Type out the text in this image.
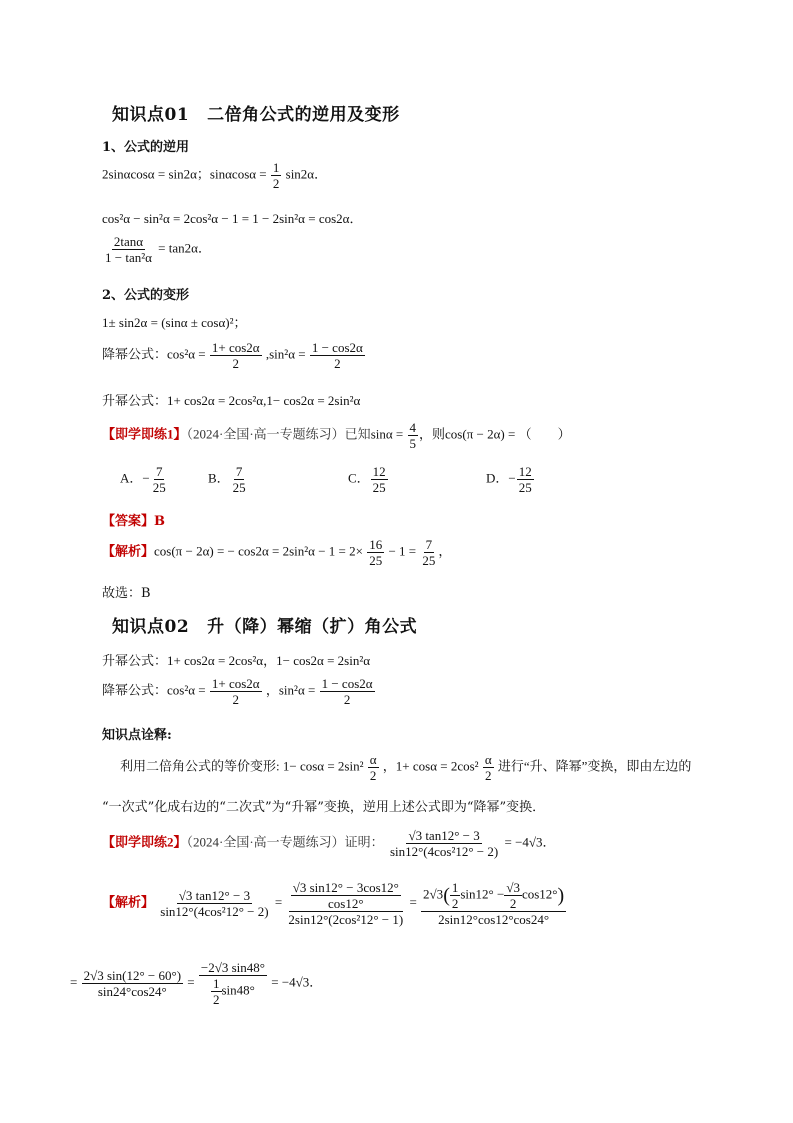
知识点01 二倍角公式的逆用及变形
1、公式的逆用
2sinαcosα = sin2α；$\sin\alpha\cos\alpha = \frac{1}{2} \sin 2\alpha$．
cos²α − sin²α = 2cos²α − 1 = 1 − 2sin²α = cos2α．
$\frac{2\tan\alpha}{\text{1 − tan²α}} = \tan 2\alpha$．
2、公式的变形
1± sin2α = (sinα ± cosα)²；
降幂公式：$\cos^2\alpha = \frac{1+ \cos 2\alpha}{2} ,\sin^2\alpha = \frac{1 - \cos 2\alpha}{2}$
升幂公式：1+ cos2α = 2cos²α,1− cos2α = 2sin²α
【即学即练1】（2024·全国·高一专题练习）已知$\sin\alpha = \frac{4}{5}$ ，则cos(π − 2α) = （　　）
A．− $\frac{7}{25}$	B． $\frac{7}{25}$	C． $\frac{12}{25}$	D．− $\frac{12}{25}$
【答案】B
【解析】cos(π − 2α) = − $\cos 2\alpha = 2\sin^2\alpha - 1 = 2\times \frac{16}{25} - 1 = \frac{7}{25}$ ，
故选：B
知识点02 升（降）幂缩（扩）角公式
升幂公式：1+ cos2α = 2cos²α，1− cos2α = 2sin²α
降幂公式：$\cos^2\alpha = \frac{1+ \cos 2\alpha}{2}$ ，$\sin^2\alpha = \frac{1 - \cos 2\alpha}{2}$
知识点诠释:
利用二倍角公式的等价变形: $1- \cos\alpha = 2\sin^2 \frac{\alpha}{2}$ ，$1+ \cos\alpha = 2\cos^2 \frac{\alpha}{2}$ 进行“升、降幂”变换，即由左边的
“一次式”化成右边的“二次式”为“升幂”变换，逆用上述公式即为“降幂”变换．
【即学即练2】（2024·全国·高一专题练习）证明： $\frac{√3 \tan 12^\circ - 3}{\text{sin12°(4cos²12° − 2)}} = -4√3$．
【解析】 $\frac{√3 \tan 12^\circ - 3}{\text{sin12°(4cos²12° − 2)}} = \frac{\frac{√3 \sin 12^\circ - 3\cos 12^\circ}{\cos 12^\circ}}{\text{2sin12°(2cos²12° − 1)}} = \frac{2√3( \frac{1}{2} \sin 12^\circ - \frac{√3}{2} \cos 12^\circ)}{2\sin 12^\circ\cos 12^\circ\cos 24^\circ}$
= $\frac{2√3 \sin(12^\circ - 60^\circ)}{\sin 24^\circ\cos 24^\circ} = \frac{-2√3 \sin 48^\circ}{\frac{1}{2} \sin 48^\circ} = -4√3$．
